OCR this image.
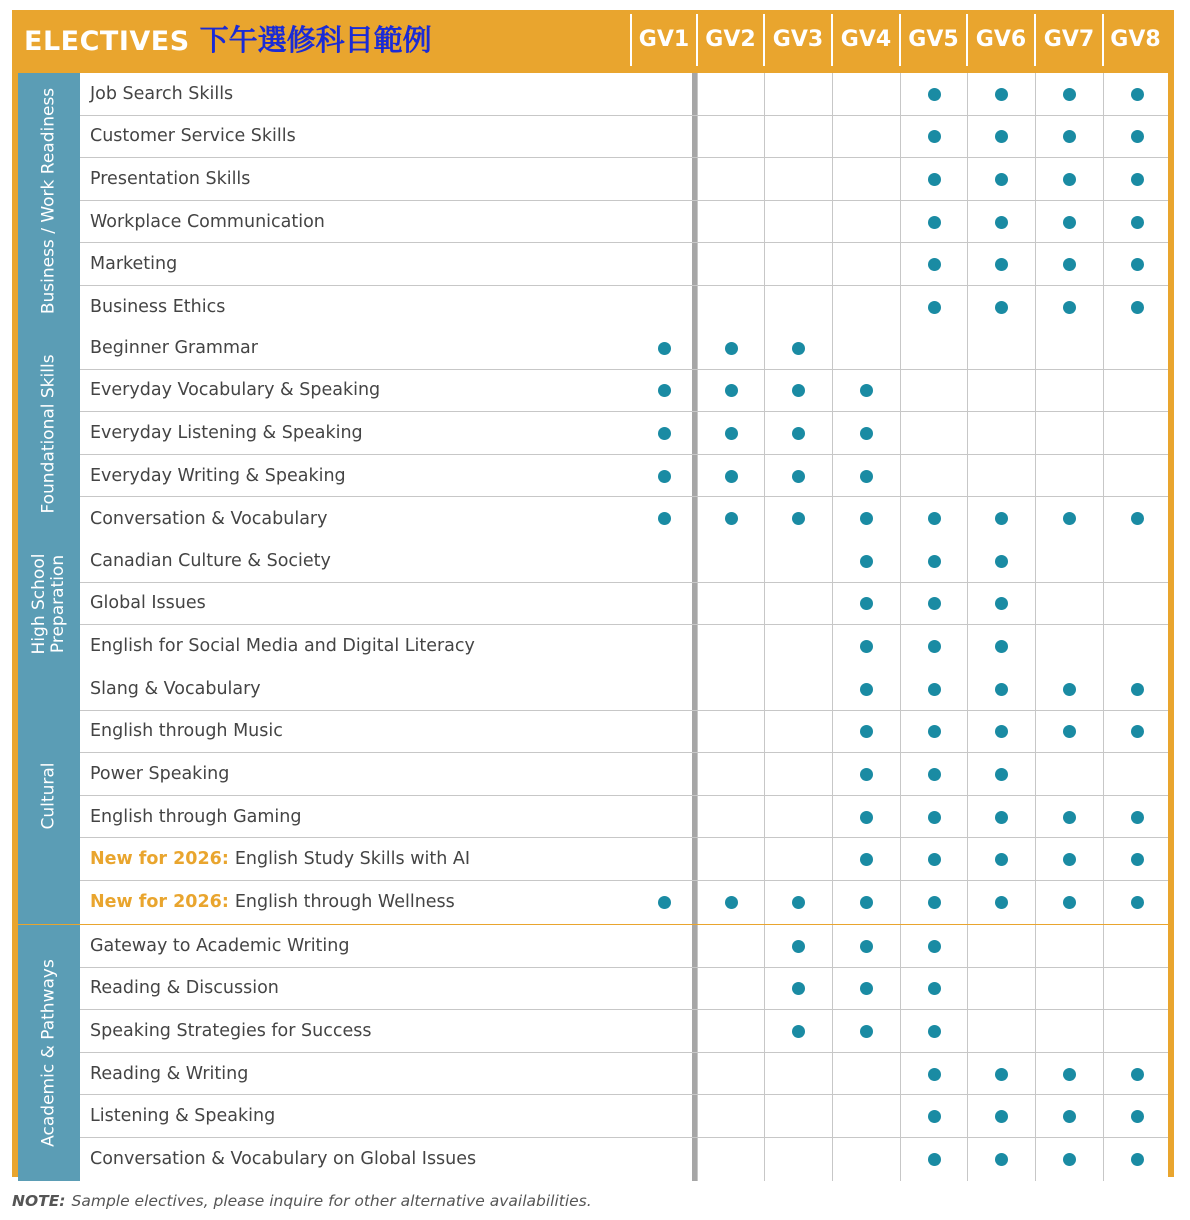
ELECTIVES 下午選修科目範例	GV1 GV2 GV3 GV4 GV5 GV6 GV7 GV8
Business / Work Readiness Job Search Skills
Customer Service Skills
Presentation Skills
Workplace Communication
Marketing
Business Ethics
Foundational Skills
Beginner Grammar
Everyday Vocabulary & Speaking
Everyday Listening & Speaking
Everyday Writing & Speaking
Conversation & Vocabulary
High School
Preparation Canadian Culture & Society
Global Issues
English for Social Media and Digital Literacy
Cultural
Slang & Vocabulary
English through Music
Power Speaking
English through Gaming
New for 2026: English Study Skills with AI
New for 2026: English through Wellness
Academic & Pathways
Gateway to Academic Writing
Reading & Discussion
Speaking Strategies for Success
Reading & Writing
Listening & Speaking
Conversation & Vocabulary on Global Issues
NOTE: Sample electives, please inquire for other alternative availabilities.
